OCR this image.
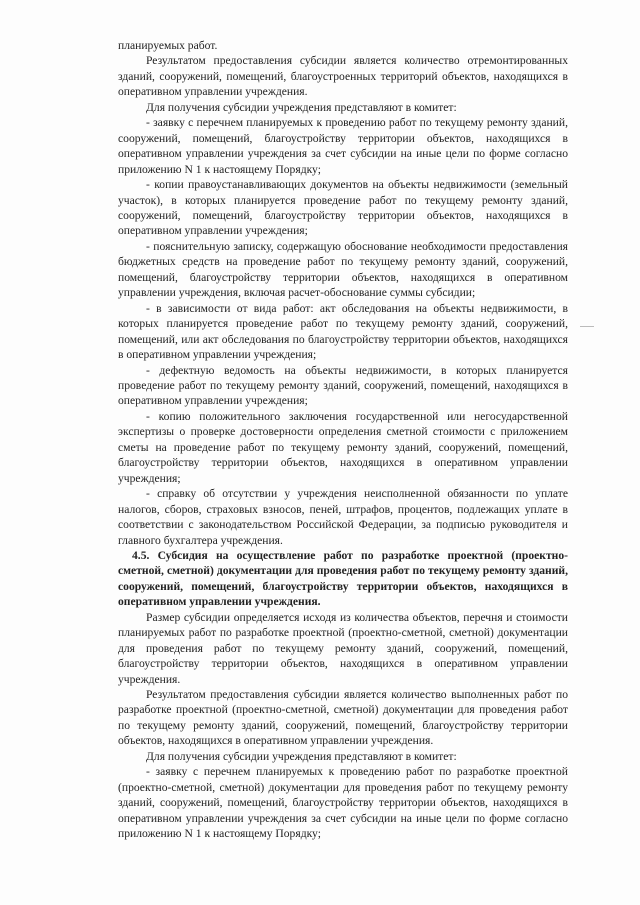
планируемых работ.

Результатом предоставления субсидии является количество отремонтированных зданий, сооружений, помещений, благоустроенных территорий объектов, находящихся в оперативном управлении учреждения.

Для получения субсидии учреждения представляют в комитет:

- заявку с перечнем планируемых к проведению работ по текущему ремонту зданий, сооружений, помещений, благоустройству территории объектов, находящихся в оперативном управлении учреждения за счет субсидии на иные цели по форме согласно приложению N 1 к настоящему Порядку;

- копии правоустанавливающих документов на объекты недвижимости (земельный участок), в которых планируется проведение работ по текущему ремонту зданий, сооружений, помещений, благоустройству территории объектов, находящихся в оперативном управлении учреждения;

- пояснительную записку, содержащую обоснование необходимости предоставления бюджетных средств на проведение работ по текущему ремонту зданий, сооружений, помещений, благоустройству территории объектов, находящихся в оперативном управлении учреждения, включая расчет-обоснование суммы субсидии;

- в зависимости от вида работ: акт обследования на объекты недвижимости, в которых планируется проведение работ по текущему ремонту зданий, сооружений, помещений, или акт обследования по благоустройству территории объектов, находящихся в оперативном управлении учреждения;

- дефектную ведомость на объекты недвижимости, в которых планируется проведение работ по текущему ремонту зданий, сооружений, помещений, находящихся в оперативном управлении учреждения;

- копию положительного заключения государственной или негосударственной экспертизы о проверке достоверности определения сметной стоимости с приложением сметы на проведение работ по текущему ремонту зданий, сооружений, помещений, благоустройству территории объектов, находящихся в оперативном управлении учреждения;

- справку об отсутствии у учреждения неисполненной обязанности по уплате налогов, сборов, страховых взносов, пеней, штрафов, процентов, подлежащих уплате в соответствии с законодательством Российской Федерации, за подписью руководителя и главного бухгалтера учреждения.

4.5. Субсидия на осуществление работ по разработке проектной (проектно-сметной, сметной) документации для проведения работ по текущему ремонту зданий, сооружений, помещений, благоустройству территории объектов, находящихся в оперативном управлении учреждения.

Размер субсидии определяется исходя из количества объектов, перечня и стоимости планируемых работ по разработке проектной (проектно-сметной, сметной) документации для проведения работ по текущему ремонту зданий, сооружений, помещений, благоустройству территории объектов, находящихся в оперативном управлении учреждения.

Результатом предоставления субсидии является количество выполненных работ по разработке проектной (проектно-сметной, сметной) документации для проведения работ по текущему ремонту зданий, сооружений, помещений, благоустройству территории объектов, находящихся в оперативном управлении учреждения.

Для получения субсидии учреждения представляют в комитет:

- заявку с перечнем планируемых к проведению работ по разработке проектной (проектно-сметной, сметной) документации для проведения работ по текущему ремонту зданий, сооружений, помещений, благоустройству территории объектов, находящихся в оперативном управлении учреждения за счет субсидии на иные цели по форме согласно приложению N 1 к настоящему Порядку;
